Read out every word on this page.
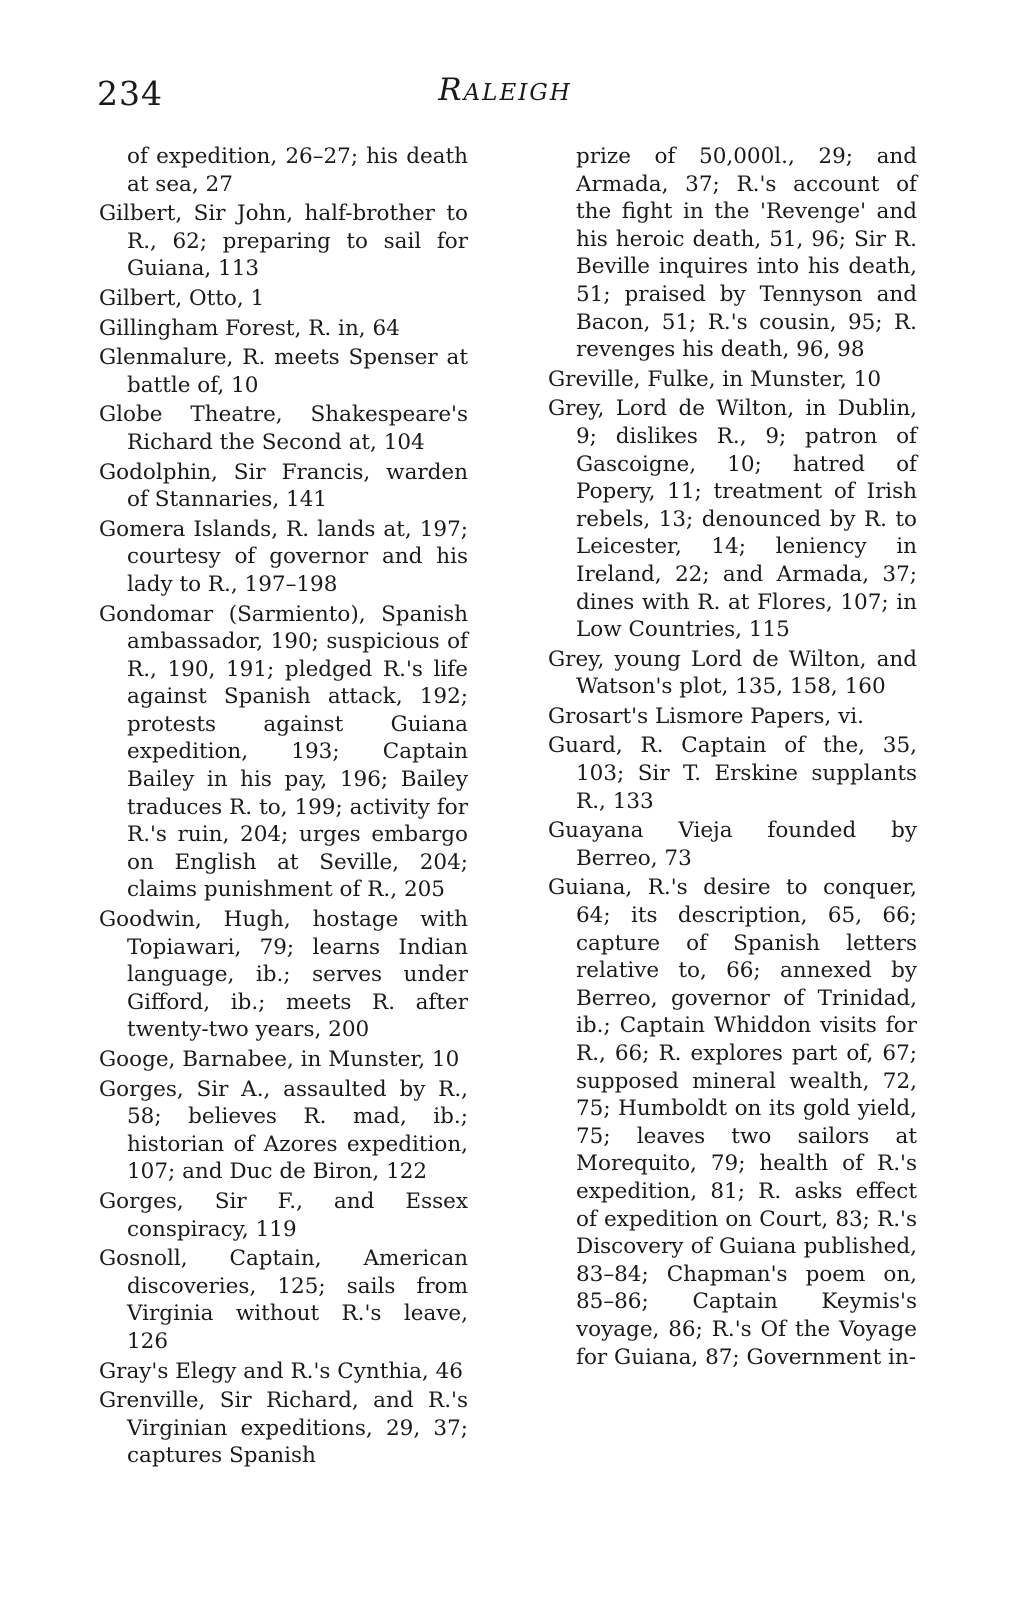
234	RALEIGH
of expedition, 26–27; his death at sea, 27
Gilbert, Sir John, half-brother to R., 62; preparing to sail for Guiana, 113
Gilbert, Otto, 1
Gillingham Forest, R. in, 64
Glenmalure, R. meets Spenser at battle of, 10
Globe Theatre, Shakespeare's Richard the Second at, 104
Godolphin, Sir Francis, warden of Stannaries, 141
Gomera Islands, R. lands at, 197; courtesy of governor and his lady to R., 197–198
Gondomar (Sarmiento), Spanish ambassador, 190; suspicious of R., 190, 191; pledged R.'s life against Spanish attack, 192; protests against Guiana expedition, 193; Captain Bailey in his pay, 196; Bailey traduces R. to, 199; activity for R.'s ruin, 204; urges embargo on English at Seville, 204; claims punishment of R., 205
Goodwin, Hugh, hostage with Topiawari, 79; learns Indian language, ib.; serves under Gifford, ib.; meets R. after twenty-two years, 200
Googe, Barnabee, in Munster, 10
Gorges, Sir A., assaulted by R., 58; believes R. mad, ib.; historian of Azores expedition, 107; and Duc de Biron, 122
Gorges, Sir F., and Essex conspiracy, 119
Gosnoll, Captain, American discoveries, 125; sails from Virginia without R.'s leave, 126
Gray's Elegy and R.'s Cynthia, 46
Grenville, Sir Richard, and R.'s Virginian expeditions, 29, 37; captures Spanish
prize of 50,000l., 29; and Armada, 37; R.'s account of the fight in the 'Revenge' and his heroic death, 51, 96; Sir R. Beville inquires into his death, 51; praised by Tennyson and Bacon, 51; R.'s cousin, 95; R. revenges his death, 96, 98
Greville, Fulke, in Munster, 10
Grey, Lord de Wilton, in Dublin, 9; dislikes R., 9; patron of Gascoigne, 10; hatred of Popery, 11; treatment of Irish rebels, 13; denounced by R. to Leicester, 14; leniency in Ireland, 22; and Armada, 37; dines with R. at Flores, 107; in Low Countries, 115
Grey, young Lord de Wilton, and Watson's plot, 135, 158, 160
Grosart's Lismore Papers, vi.
Guard, R. Captain of the, 35, 103; Sir T. Erskine supplants R., 133
Guayana Vieja founded by Berreo, 73
Guiana, R.'s desire to conquer, 64; its description, 65, 66; capture of Spanish letters relative to, 66; annexed by Berreo, governor of Trinidad, ib.; Captain Whiddon visits for R., 66; R. explores part of, 67; supposed mineral wealth, 72, 75; Humboldt on its gold yield, 75; leaves two sailors at Morequito, 79; health of R.'s expedition, 81; R. asks effect of expedition on Court, 83; R.'s Discovery of Guiana published, 83–84; Chapman's poem on, 85–86; Captain Keymis's voyage, 86; R.'s Of the Voyage for Guiana, 87; Government in-
